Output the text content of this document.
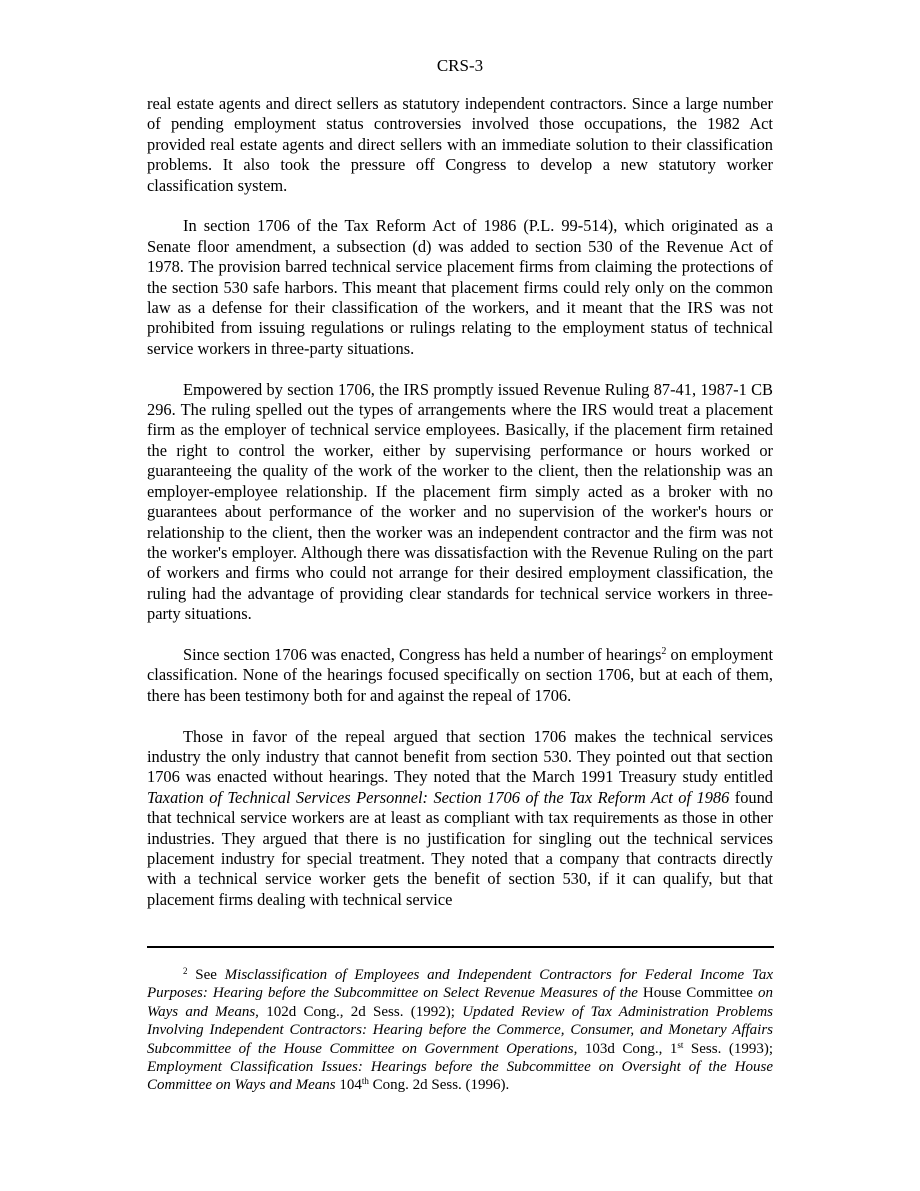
CRS-3

real estate agents and direct sellers as statutory independent contractors. Since a large number of pending employment status controversies involved those occupations, the 1982 Act provided real estate agents and direct sellers with an immediate solution to their classification problems. It also took the pressure off Congress to develop a new statutory worker classification system.

In section 1706 of the Tax Reform Act of 1986 (P.L. 99-514), which originated as a Senate floor amendment, a subsection (d) was added to section 530 of the Revenue Act of 1978. The provision barred technical service placement firms from claiming the protections of the section 530 safe harbors. This meant that placement firms could rely only on the common law as a defense for their classification of the workers, and it meant that the IRS was not prohibited from issuing regulations or rulings relating to the employment status of technical service workers in three-party situations.

Empowered by section 1706, the IRS promptly issued Revenue Ruling 87-41, 1987-1 CB 296. The ruling spelled out the types of arrangements where the IRS would treat a placement firm as the employer of technical service employees. Basically, if the placement firm retained the right to control the worker, either by supervising performance or hours worked or guaranteeing the quality of the work of the worker to the client, then the relationship was an employer-employee relationship. If the placement firm simply acted as a broker with no guarantees about performance of the worker and no supervision of the worker's hours or relationship to the client, then the worker was an independent contractor and the firm was not the worker's employer. Although there was dissatisfaction with the Revenue Ruling on the part of workers and firms who could not arrange for their desired employment classification, the ruling had the advantage of providing clear standards for technical service workers in three-party situations.

Since section 1706 was enacted, Congress has held a number of hearings$^2$ on employment classification. None of the hearings focused specifically on section 1706, but at each of them, there has been testimony both for and against the repeal of 1706.

Those in favor of the repeal argued that section 1706 makes the technical services industry the only industry that cannot benefit from section 530. They pointed out that section 1706 was enacted without hearings. They noted that the March 1991 Treasury study entitled Taxation of Technical Services Personnel: Section 1706 of the Tax Reform Act of 1986 found that technical service workers are at least as compliant with tax requirements as those in other industries. They argued that there is no justification for singling out the technical services placement industry for special treatment. They noted that a company that contracts directly with a technical service worker gets the benefit of section 530, if it can qualify, but that placement firms dealing with technical service

$^2$ See Misclassification of Employees and Independent Contractors for Federal Income Tax Purposes: Hearing before the Subcommittee on Select Revenue Measures of the House Committee on Ways and Means, 102d Cong., 2d Sess. (1992); Updated Review of Tax Administration Problems Involving Independent Contractors: Hearing before the Commerce, Consumer, and Monetary Affairs Subcommittee of the House Committee on Government Operations, 103d Cong., 1st Sess. (1993); Employment Classification Issues: Hearings before the Subcommittee on Oversight of the House Committee on Ways and Means 104th Cong. 2d Sess. (1996).
